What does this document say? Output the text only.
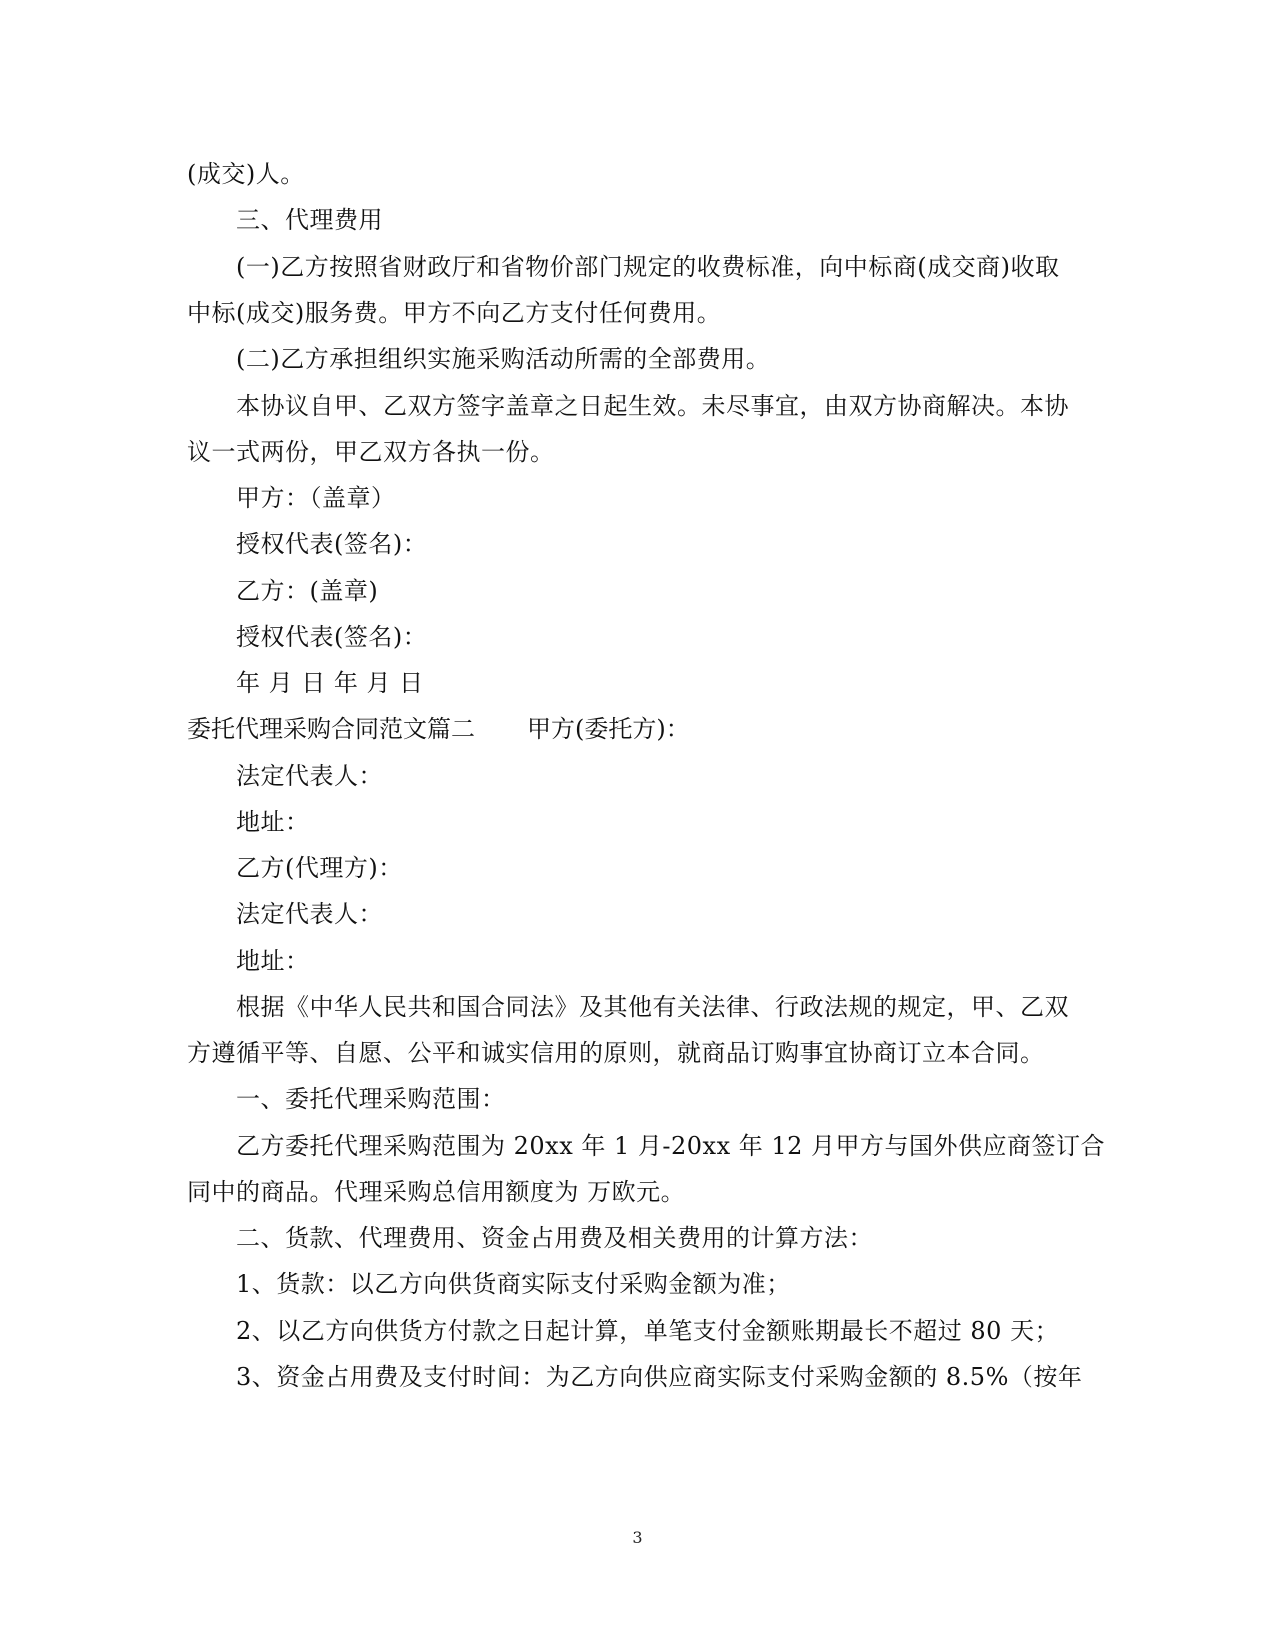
(成交)人。
三、代理费用
(一)乙方按照省财政厅和省物价部门规定的收费标准，向中标商(成交商)收取
中标(成交)服务费。甲方不向乙方支付任何费用。
(二)乙方承担组织实施采购活动所需的全部费用。
本协议自甲、乙双方签字盖章之日起生效。未尽事宜，由双方协商解决。本协
议一式两份，甲乙双方各执一份。
甲方：（盖章）
授权代表(签名)：
乙方：(盖章)
授权代表(签名)：
年 月 日 年 月 日
委托代理采购合同范文篇二 甲方(委托方)：
法定代表人：
地址：
乙方(代理方)：
法定代表人：
地址：
根据《中华人民共和国合同法》及其他有关法律、行政法规的规定，甲、乙双
方遵循平等、自愿、公平和诚实信用的原则，就商品订购事宜协商订立本合同。
一、委托代理采购范围：
乙方委托代理采购范围为 20xx 年 1 月-20xx 年 12 月甲方与国外供应商签订合
同中的商品。代理采购总信用额度为 万欧元。
二、货款、代理费用、资金占用费及相关费用的计算方法：
1、货款：以乙方向供货商实际支付采购金额为准；
2、以乙方向供货方付款之日起计算，单笔支付金额账期最长不超过 80 天；
3、资金占用费及支付时间：为乙方向供应商实际支付采购金额的 8.5%（按年
3
